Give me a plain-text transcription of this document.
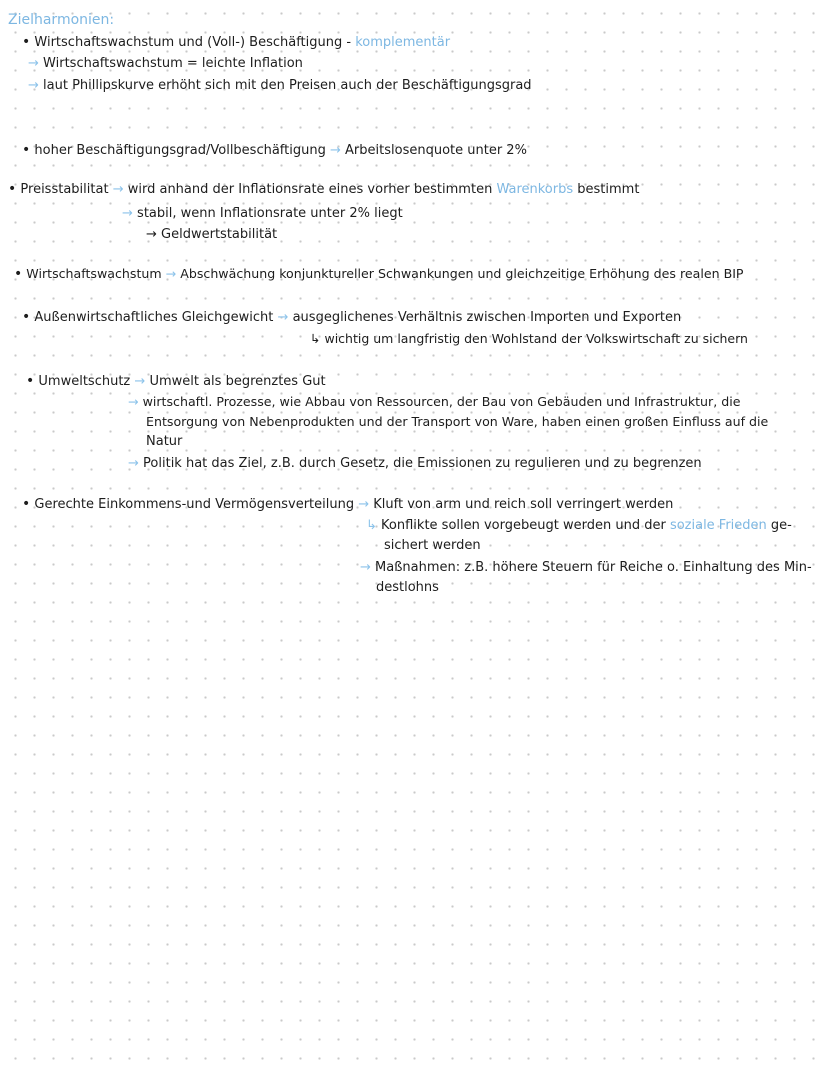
Zielharmonien:
• Wirtschaftswachstum und (Voll-) Beschäftigung - komplementär
→ Wirtschaftswachstum = leichte Inflation
→ laut Phillipskurve erhöht sich mit den Preisen auch der Beschäftigungsgrad
• hoher Beschäftigungsgrad/Vollbeschäftigung → Arbeitslosenquote unter 2%
• Preisstabilitat → wird anhand der Inflationsrate eines vorher bestimmten Warenkorbs bestimmt
→ stabil, wenn Inflationsrate unter 2% liegt
→ Geldwertstabilität
• Wirtschaftswachstum → Abschwächung konjunktureller Schwankungen und gleichzeitige Erhöhung des realen BIP
• Außenwirtschaftliches Gleichgewicht → ausgeglichenes Verhältnis zwischen Importen und Exporten
↳ wichtig um langfristig den Wohlstand der Volkswirtschaft zu sichern
• Umweltschutz → Umwelt als begrenztes Gut
→ wirtschaftl. Prozesse, wie Abbau von Ressourcen, der Bau von Gebäuden und Infrastruktur, die
Entsorgung von Nebenprodukten und der Transport von Ware, haben einen großen Einfluss auf die
Natur
→ Politik hat das Ziel, z.B. durch Gesetz, die Emissionen zu regulieren und zu begrenzen
• Gerechte Einkommens-und Vermögensverteilung → Kluft von arm und reich soll verringert werden
↳ Konflikte sollen vorgebeugt werden und der soziale Frieden ge-
sichert werden
→ Maßnahmen: z.B. höhere Steuern für Reiche o. Einhaltung des Min-
destlohns
